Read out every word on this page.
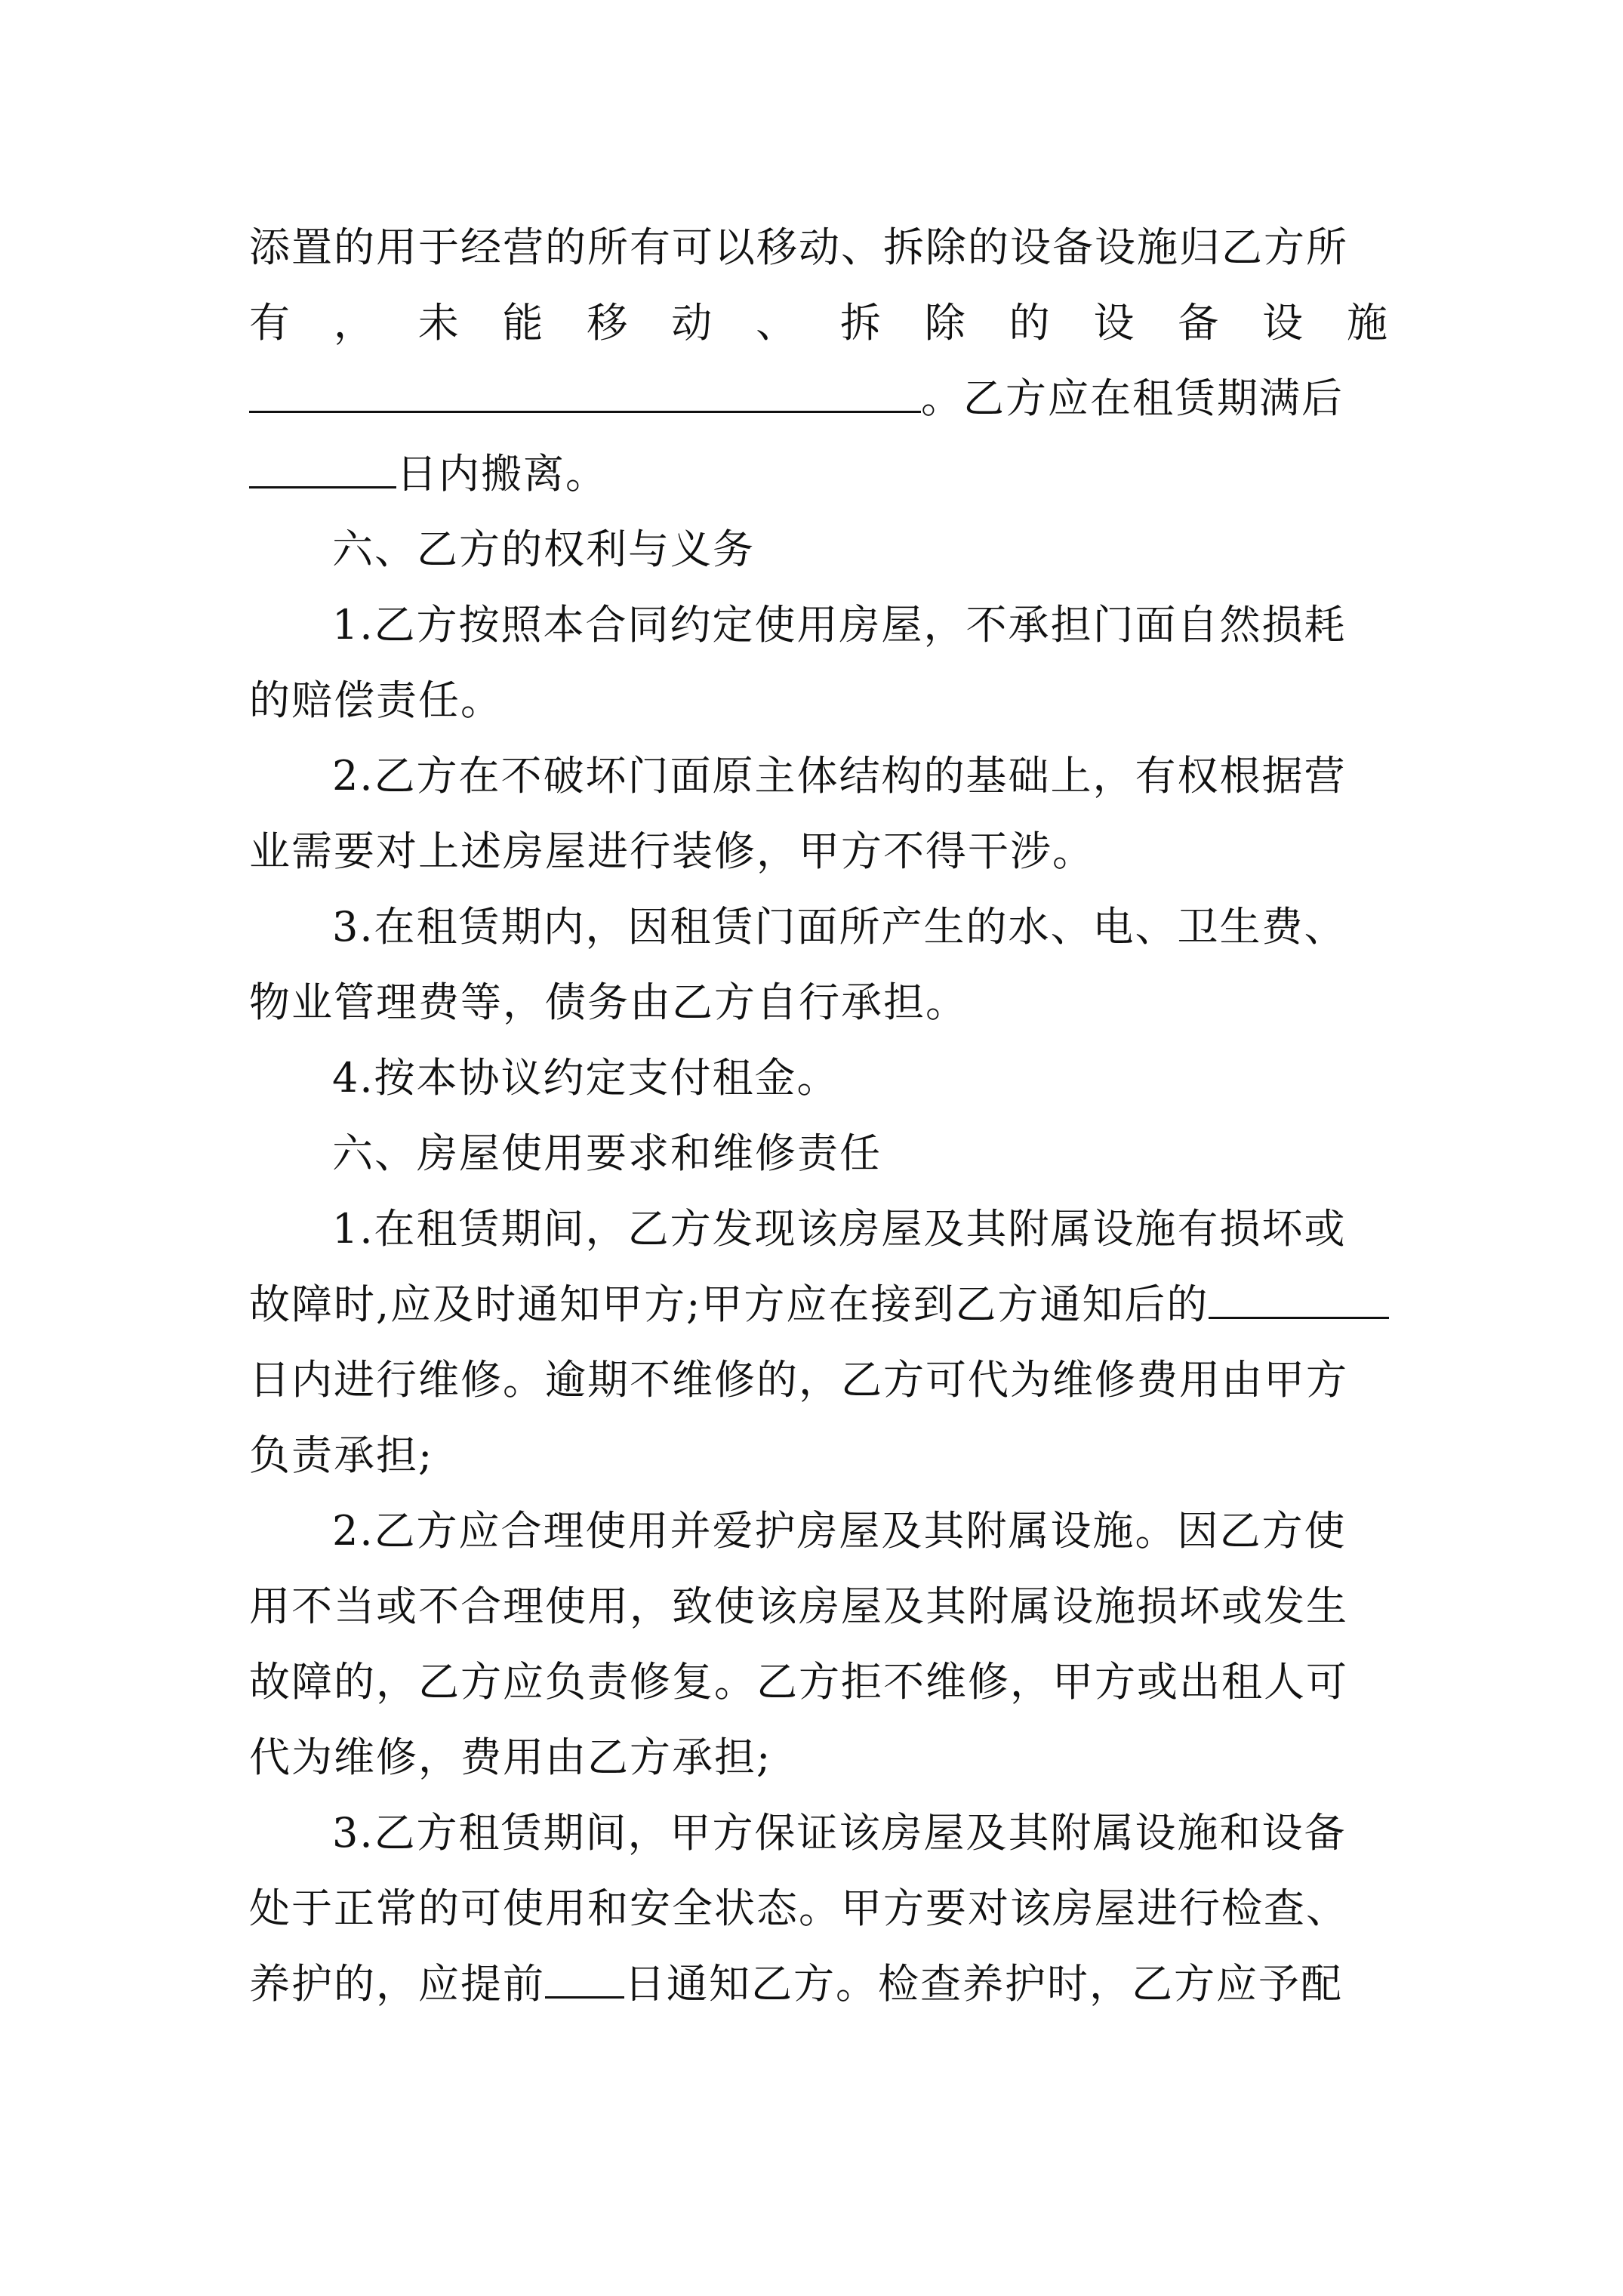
添置的用于经营的所有可以移动、拆除的设备设施归乙方所
有 ， 未 能 移 动 、 拆 除 的 设 备 设 施
。乙方应在租赁期满后
日内搬离。
六、乙方的权利与义务
1.乙方按照本合同约定使用房屋，不承担门面自然损耗
的赔偿责任。
2.乙方在不破坏门面原主体结构的基础上，有权根据营
业需要对上述房屋进行装修，甲方不得干涉。
3.在租赁期内，因租赁门面所产生的水、电、卫生费、
物业管理费等，债务由乙方自行承担。
4.按本协议约定支付租金。
六、房屋使用要求和维修责任
1.在租赁期间，乙方发现该房屋及其附属设施有损坏或
故障时,应及时通知甲方;甲方应在接到乙方通知后的
日内进行维修。逾期不维修的，乙方可代为维修费用由甲方
负责承担;
2.乙方应合理使用并爱护房屋及其附属设施。因乙方使
用不当或不合理使用，致使该房屋及其附属设施损坏或发生
故障的，乙方应负责修复。乙方拒不维修，甲方或出租人可
代为维修，费用由乙方承担;
3.乙方租赁期间，甲方保证该房屋及其附属设施和设备
处于正常的可使用和安全状态。甲方要对该房屋进行检查、
养护的，应提前 日通知乙方。检查养护时，乙方应予配
